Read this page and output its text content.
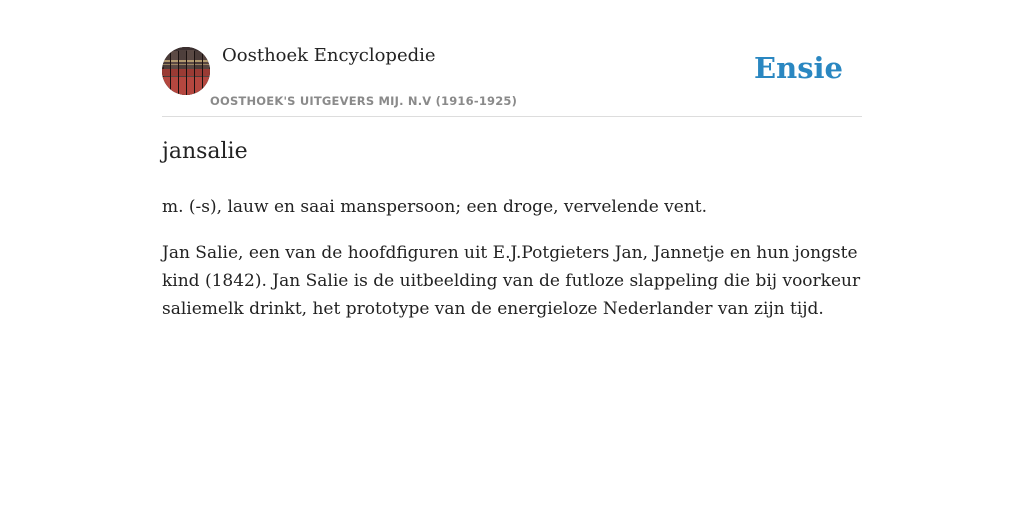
Oosthoek Encyclopedie
OOSTHOEK'S UITGEVERS MIJ. N.V (1916-1925)
Ensie
jansalie

m. (-s), lauw en saai manspersoon; een droge, vervelende vent.

Jan Salie, een van de hoofdfiguren uit E.J.Potgieters Jan, Jannetje en hun jongste kind (1842). Jan Salie is de uitbeelding van de futloze slappeling die bij voorkeur saliemelk drinkt, het prototype van de energieloze Nederlander van zijn tijd.
